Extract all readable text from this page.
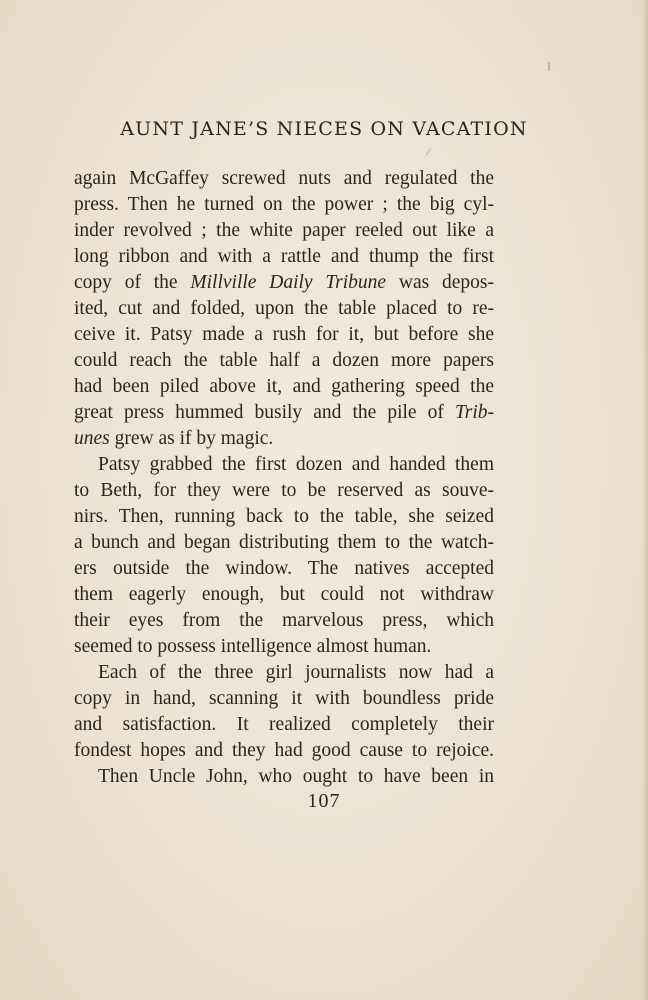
AUNT JANE’S NIECES ON VACATION
again McGaffey screwed nuts and regulated the
press. Then he turned on the power ; the big cyl-
inder revolved ; the white paper reeled out like a
long ribbon and with a rattle and thump the first
copy of the Millville Daily Tribune was depos-
ited, cut and folded, upon the table placed to re-
ceive it. Patsy made a rush for it, but before she
could reach the table half a dozen more papers
had been piled above it, and gathering speed the
great press hummed busily and the pile of Trib-
unes grew as if by magic.
Patsy grabbed the first dozen and handed them
to Beth, for they were to be reserved as souve-
nirs. Then, running back to the table, she seized
a bunch and began distributing them to the watch-
ers outside the window. The natives accepted
them eagerly enough, but could not withdraw
their eyes from the marvelous press, which
seemed to possess intelligence almost human.
Each of the three girl journalists now had a
copy in hand, scanning it with boundless pride
and satisfaction. It realized completely their
fondest hopes and they had good cause to rejoice.
Then Uncle John, who ought to have been in
107
